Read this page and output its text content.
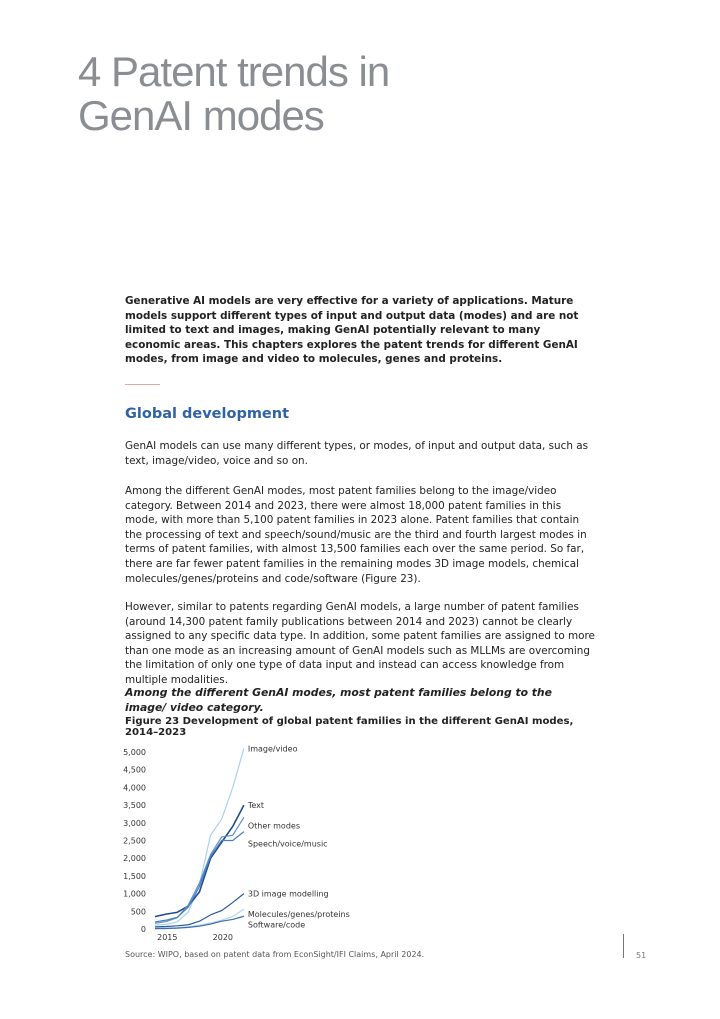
4 Patent trends in
GenAI modes
Generative AI models are very effective for a variety of applications. Mature models support different types of input and output data (modes) and are not limited to text and images, making GenAI potentially relevant to many economic areas. This chapters explores the patent trends for different GenAI modes, from image and video to molecules, genes and proteins.
Global development
GenAI models can use many different types, or modes, of input and output data, such as text, image/video, voice and so on.
Among the different GenAI modes, most patent families belong to the image/video category. Between 2014 and 2023, there were almost 18,000 patent families in this mode, with more than 5,100 patent families in 2023 alone. Patent families that contain the processing of text and speech/sound/music are the third and fourth largest modes in terms of patent families, with almost 13,500 families each over the same period. So far, there are far fewer patent families in the remaining modes 3D image models, chemical molecules/genes/proteins and code/software (Figure 23).
However, similar to patents regarding GenAI models, a large number of patent families (around 14,300 patent family publications between 2014 and 2023) cannot be clearly assigned to any specific data type. In addition, some patent families are assigned to more than one mode as an increasing amount of GenAI models such as MLLMs are overcoming the limitation of only one type of data input and instead can access knowledge from multiple modalities.
Among the different GenAI modes, most patent families belong to the image/ video category.
Figure 23 Development of global patent families in the different GenAI modes, 2014–2023
0
500
1,000
1,500
2,000
2,500
3,000
3,500
4,000
4,500
5,000
2015	2020
Image/video
Text
Other modes
Speech/voice/music
3D image modelling
Molecules/genes/proteins
Software/code
Source: WIPO, based on patent data from EconSight/IFI Claims, April 2024.	51
